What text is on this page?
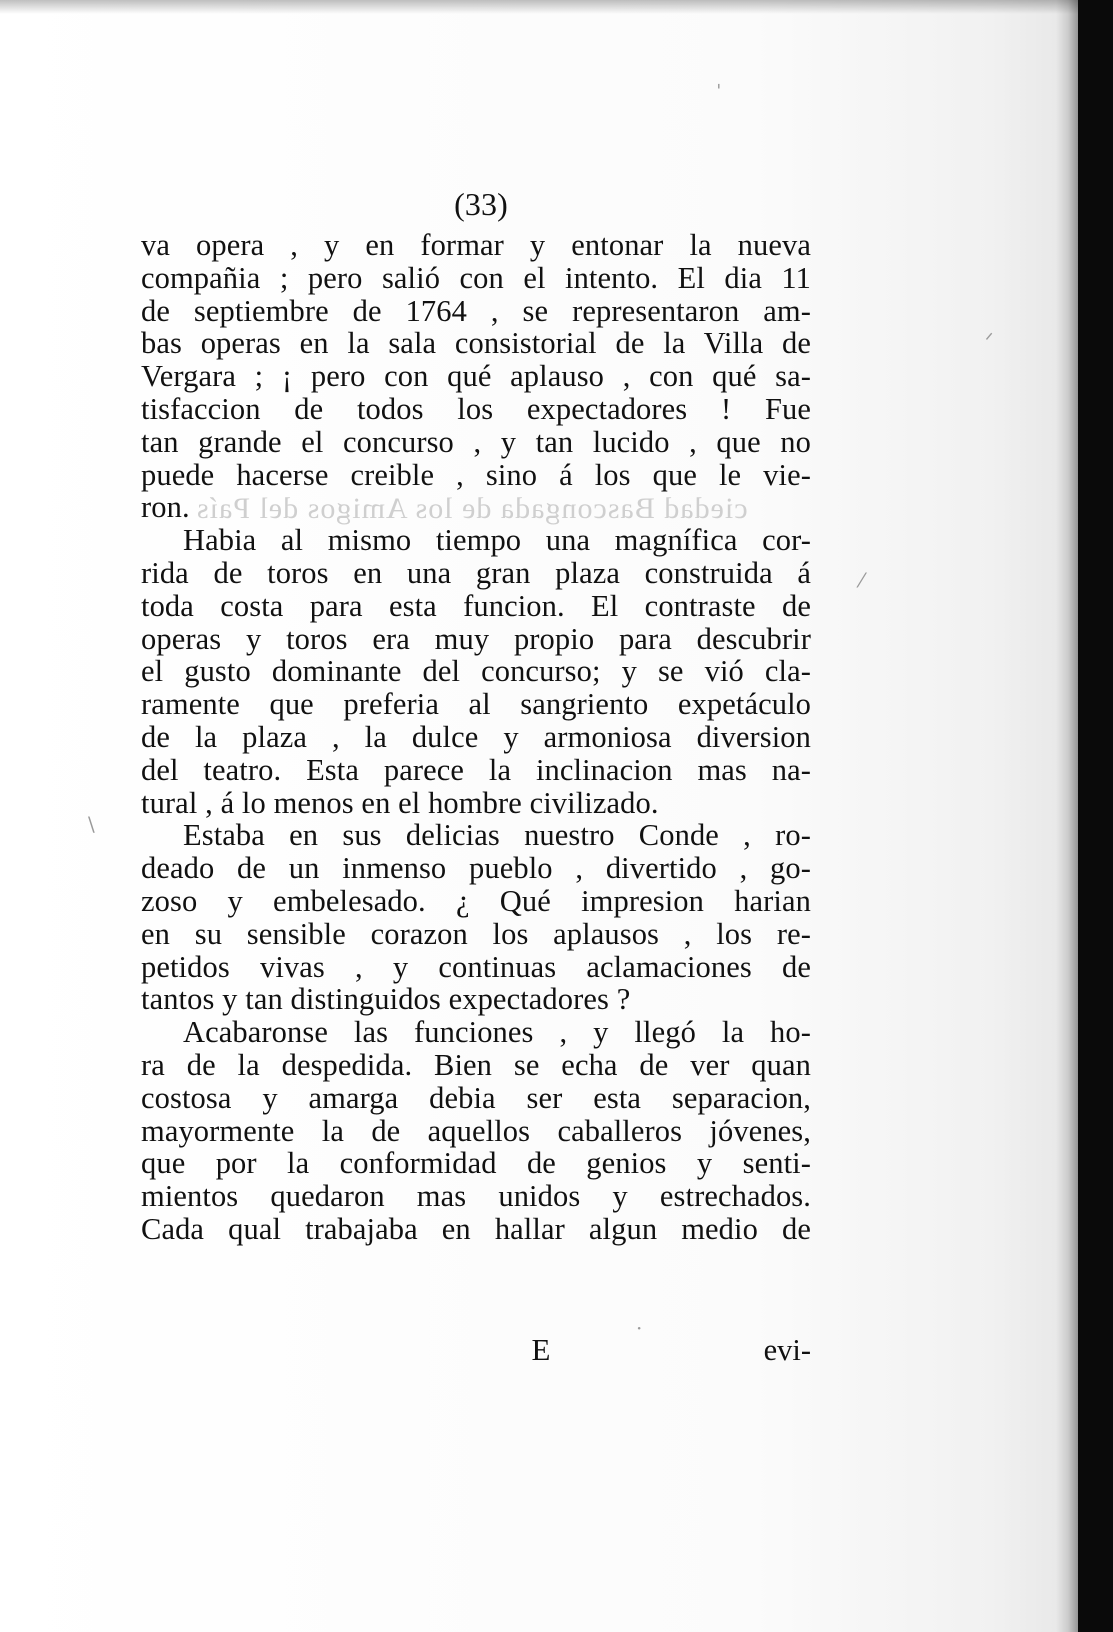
ciedad Bascongada de los Amigos del País
ˈ
ᐟ
⁄
\
·
(33)
va opera , y en formar y entonar la nueva
compañia ; pero salió con el intento. El dia 11
de septiembre de 1764 , se representaron am-
bas operas en la sala consistorial de la Villa de
Vergara ; ¡ pero con qué aplauso , con qué sa-
tisfaccion de todos los expectadores ! Fue
tan grande el concurso , y tan lucido , que no
puede hacerse creible , sino á los que le vie-
ron.
Habia al mismo tiempo una magnífica cor-
rida de toros en una gran plaza construida á
toda costa para esta funcion. El contraste de
operas y toros era muy propio para descubrir
el gusto dominante del concurso; y se vió cla-
ramente que preferia al sangriento expetáculo
de la plaza , la dulce y armoniosa diversion
del teatro. Esta parece la inclinacion mas na-
tural , á lo menos en el hombre civilizado.
Estaba en sus delicias nuestro Conde , ro-
deado de un inmenso pueblo , divertido , go-
zoso y embelesado. ¿ Qué impresion harian
en su sensible corazon los aplausos , los re-
petidos vivas , y continuas aclamaciones de
tantos y tan distinguidos expectadores ?
Acabaronse las funciones , y llegó la ho-
ra de la despedida. Bien se echa de ver quan
costosa y amarga debia ser esta separacion,
mayormente la de aquellos caballeros jóvenes,
que por la conformidad de genios y senti-
mientos quedaron mas unidos y estrechados.
Cada qual trabajaba en hallar algun medio de
E	evi-
